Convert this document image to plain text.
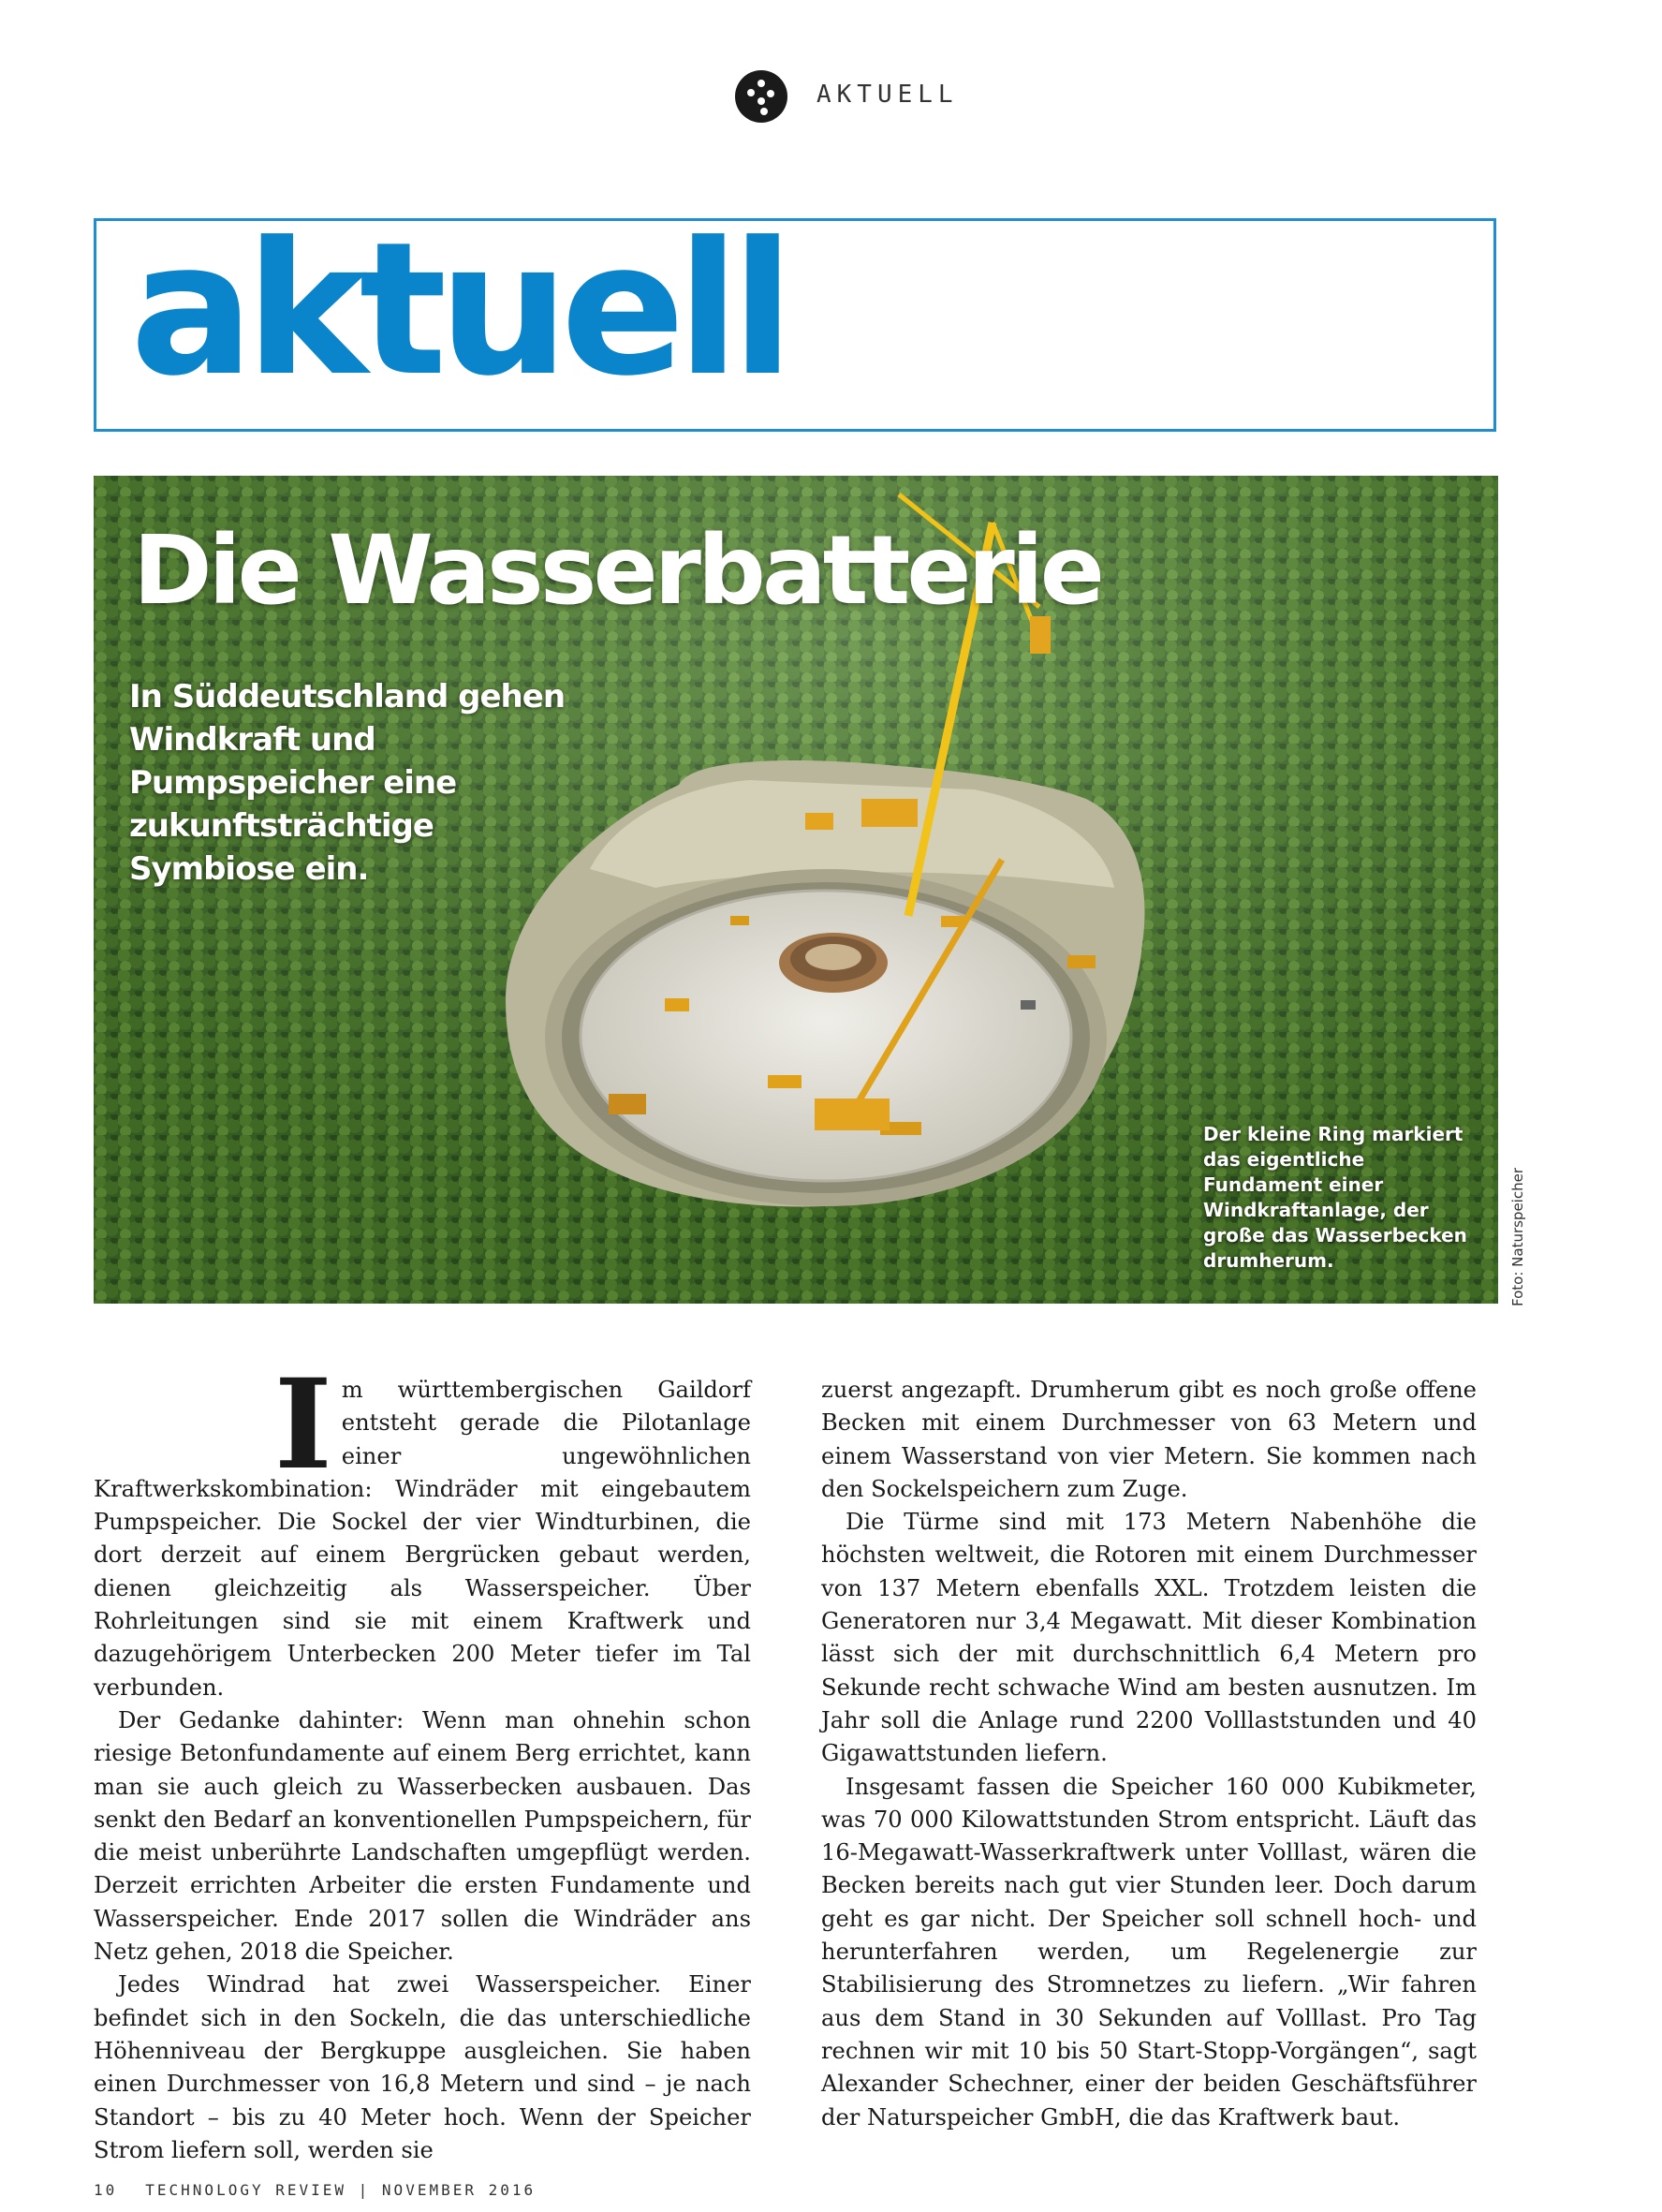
AKTUELL
aktuell
Die Wasserbatterie

In Süddeutschland gehen Windkraft und Pumpspeicher eine zukunftsträchtige Symbiose ein.

Der kleine Ring markiert das eigentliche Fundament einer Windkraftanlage, der große das Wasserbecken drumherum.	Foto: Naturspeicher

Im württembergischen Gaildorf entsteht gerade die Pilotanlage einer ungewöhnlichen Kraftwerkskombination: Windräder mit eingebautem Pumpspeicher. Die Sockel der vier Windturbinen, die dort derzeit auf einem Bergrücken gebaut werden, dienen gleichzeitig als Wasserspeicher. Über Rohrleitungen sind sie mit einem Kraftwerk und dazugehörigem Unterbecken 200 Meter tiefer im Tal verbunden.

Der Gedanke dahinter: Wenn man ohnehin schon riesige Betonfundamente auf einem Berg errichtet, kann man sie auch gleich zu Wasserbecken ausbauen. Das senkt den Bedarf an konventionellen Pumpspeichern, für die meist unberührte Landschaften umgepflügt werden. Derzeit errichten Arbeiter die ersten Fundamente und Wasserspeicher. Ende 2017 sollen die Windräder ans Netz gehen, 2018 die Speicher.

Jedes Windrad hat zwei Wasserspeicher. Einer befindet sich in den Sockeln, die das unterschiedliche Höhenniveau der Bergkuppe ausgleichen. Sie haben einen Durchmesser von 16,8 Metern und sind – je nach Standort – bis zu 40 Meter hoch. Wenn der Speicher Strom liefern soll, werden sie

zuerst angezapft. Drumherum gibt es noch große offene Becken mit einem Durchmesser von 63 Metern und einem Wasserstand von vier Metern. Sie kommen nach den Sockelspeichern zum Zuge.

Die Türme sind mit 173 Metern Nabenhöhe die höchsten weltweit, die Rotoren mit einem Durchmesser von 137 Metern ebenfalls XXL. Trotzdem leisten die Generatoren nur 3,4 Megawatt. Mit dieser Kombination lässt sich der mit durchschnittlich 6,4 Metern pro Sekunde recht schwache Wind am besten ausnutzen. Im Jahr soll die Anlage rund 2200 Volllaststunden und 40 Gigawattstunden liefern.

Insgesamt fassen die Speicher 160 000 Kubikmeter, was 70 000 Kilowattstunden Strom entspricht. Läuft das 16-Megawatt-Wasserkraftwerk unter Volllast, wären die Becken bereits nach gut vier Stunden leer. Doch darum geht es gar nicht. Der Speicher soll schnell hoch- und herunterfahren werden, um Regelenergie zur Stabilisierung des Stromnetzes zu liefern. „Wir fahren aus dem Stand in 30 Sekunden auf Volllast. Pro Tag rechnen wir mit 10 bis 50 Start-Stopp-Vorgängen“, sagt Alexander Schechner, einer der beiden Geschäftsführer der Naturspeicher GmbH, die das Kraftwerk baut.

10 TECHNOLOGY REVIEW | NOVEMBER 2016
